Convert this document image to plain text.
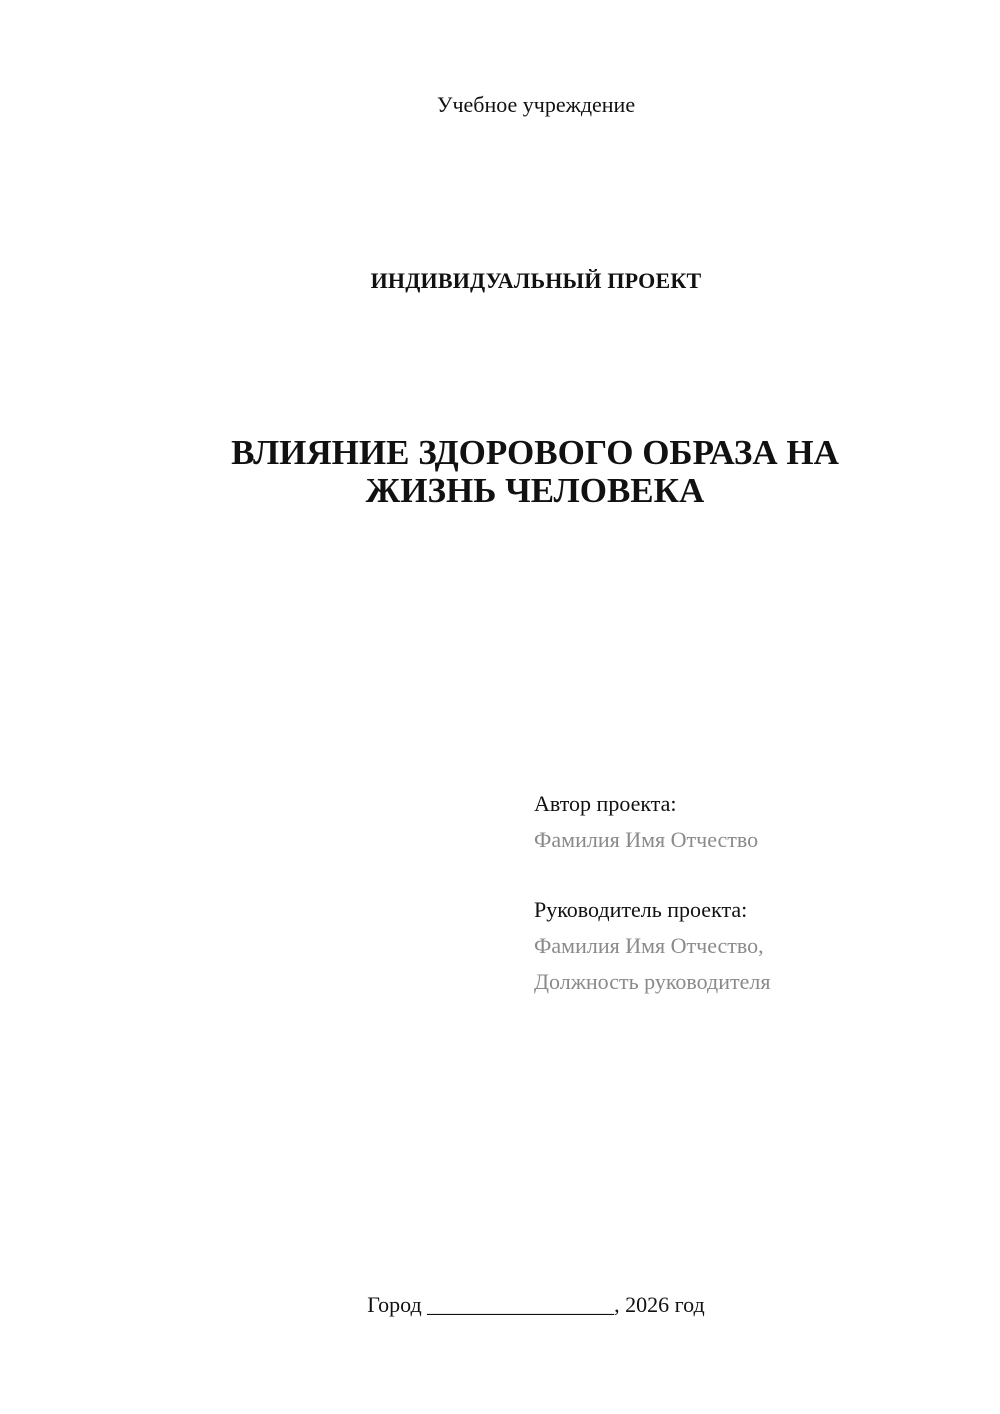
Учебное учреждение
ИНДИВИДУАЛЬНЫЙ ПРОЕКТ
ВЛИЯНИЕ ЗДОРОВОГО ОБРАЗА НА
ЖИЗНЬ ЧЕЛОВЕКА
Автор проекта:
Фамилия Имя Отчество
Руководитель проекта:
Фамилия Имя Отчество,
Должность руководителя
Город _________________, 2026 год
